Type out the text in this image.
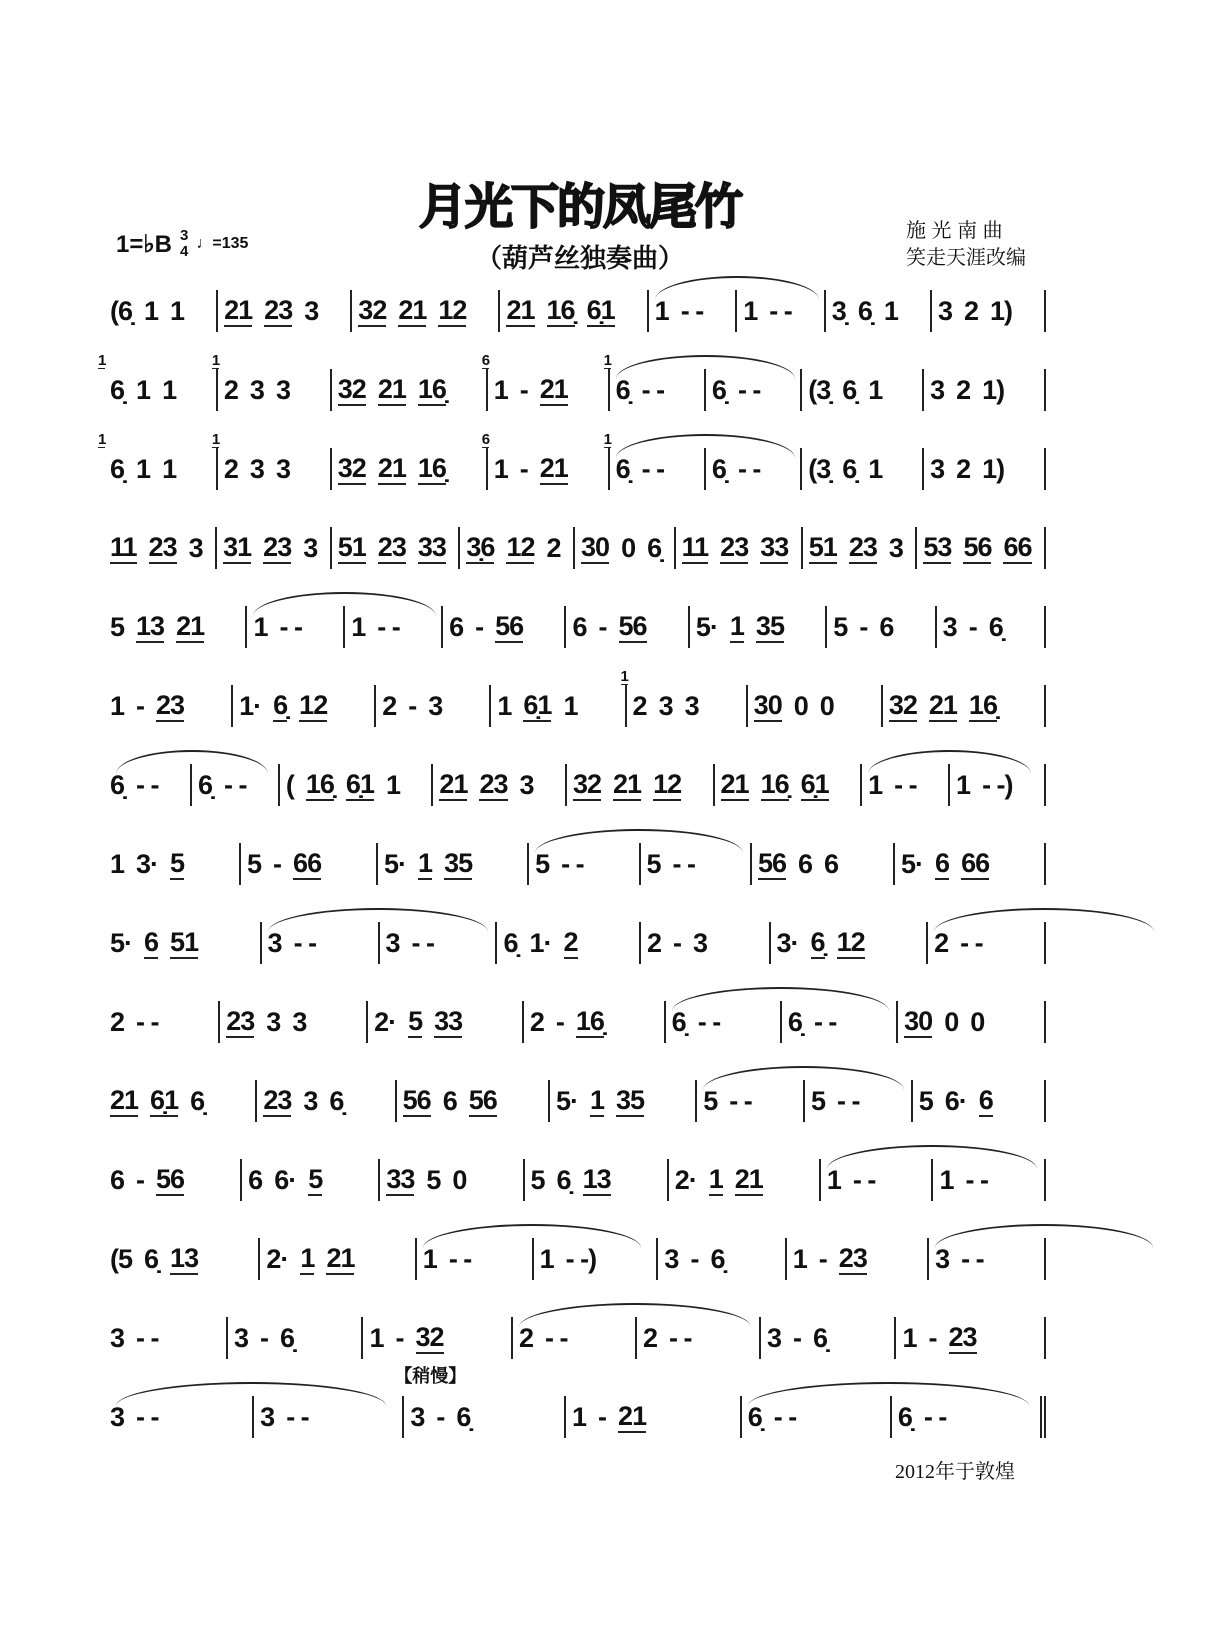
月光下的凤尾竹
（葫芦丝独奏曲）
1=♭B 3
4 ♩=135
施 光 南 曲
笑走天涯改编
(6̣ 1 1 21 23 3 32 21 12 21 16̣ 6̣1 1 - - 1 - - 3̣ 6̣ 1 3 2 1)
6̣
1
1 1 2
1
3 3 32 21 16̣ 1
6
- 21 6̣
1
- - 6̣ - - (3̣ 6̣ 1 3 2 1)
6̣
1
1 1 2
1
3 3 32 21 16̣ 1
6
- 21 6̣
1
- - 6̣ - - (3̣ 6̣ 1 3 2 1)
11 23 3 31 23 3 51 23 33 3̣6 12 2 30 0 6̣ 11 23 33 51 23 3 53 56 66
5 13 21 1 - - 1 - - 6 - 56 6 - 56 5· 1 35 5 - 6 3 - 6̣
1 - 23 1· 6̣ 12 2 - 3 1 6̣1 1 2
1
3 3 30 0 0 32 21 16̣
6̣ - - 6̣ - - ( 16̣ 6̣1 1 21 23 3 32 21 12 21 16̣ 6̣1 1 - - 1 - -)
1 3· 5 5 - 66 5· 1 35 5 - - 5 - - 56 6 6 5· 6 66
5· 6 51	3 - -	3 - -	6̣ 1· 2	2 - 3	3· 6̣ 12	2 - -
2 - -	23 3 3	2· 5 33	2 - 16̣	6̣ - -	6̣ - -	30 0 0
21 6̣1 6̣ 23 3 6̣ 56 6 56 5· 1 35 5 - - 5 - - 5 6· 6
6 - 56 6 6· 5 33 5 0 5 6̣ 13 2· 1 21 1 - - 1 - -
(5 6̣ 13	2· 1 21	1 - -	1 - -)	3 - 6̣	1 - 23	3 - -
3 - -	3 - 6̣	1 - 32	2 - -	2 - -	3 - 6̣	1 - 23
3 - -	3 - -
【稍慢】
3 - 6̣	1 - 21	6̣ - -	6̣ - -
2012年于敦煌
